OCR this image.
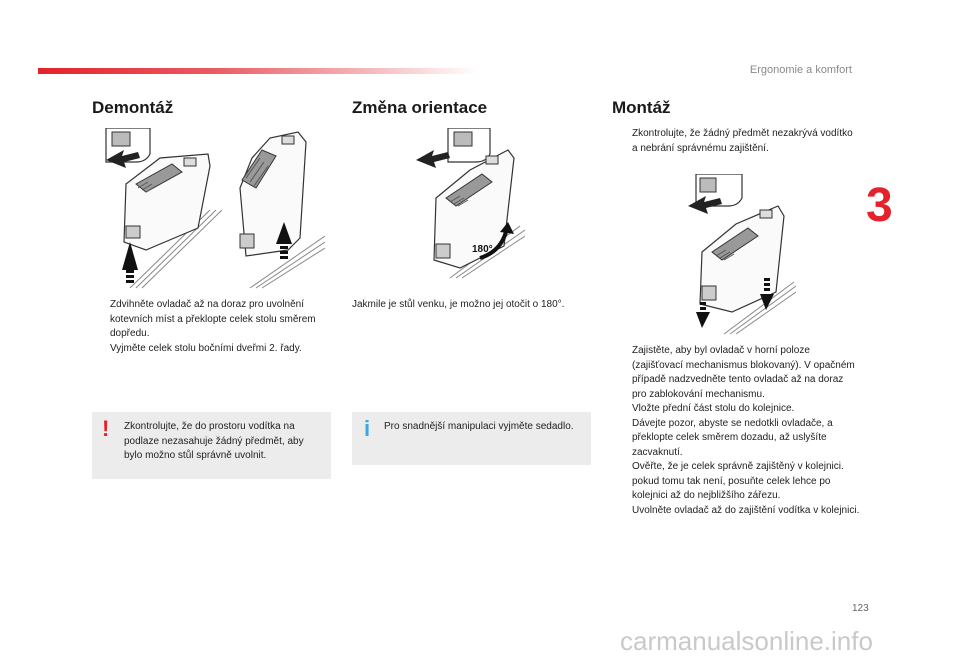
Ergonomie a komfort
3
Demontáž
Zdvihněte ovladač až na doraz pro uvolnění kotevních míst a překlopte celek stolu směrem dopředu.
Vyjměte celek stolu bočními dveřmi 2. řady.
! Zkontrolujte, že do prostoru vodítka na podlaze nezasahuje žádný předmět, aby bylo možno stůl správně uvolnit.
Změna orientace
180°
Jakmile je stůl venku, je možno jej otočit o 180°.
i Pro snadnější manipulaci vyjměte sedadlo.
Montáž
Zkontrolujte, že žádný předmět nezakrývá vodítko a nebrání správnému zajištění.
Zajistěte, aby byl ovladač v horní poloze (zajišťovací mechanismus blokovaný). V opačném případě nadzvedněte tento ovladač až na doraz pro zablokování mechanismu.
Vložte přední část stolu do kolejnice.
Dávejte pozor, abyste se nedotkli ovladače, a překlopte celek směrem dozadu, až uslyšíte zacvaknutí.
Ověřte, že je celek správně zajištěný v kolejnici. pokud tomu tak není, posuňte celek lehce po kolejnici až do nejbližšího zářezu.
Uvolněte ovladač až do zajištění vodítka v kolejnici.
123
carmanualsonline.info
